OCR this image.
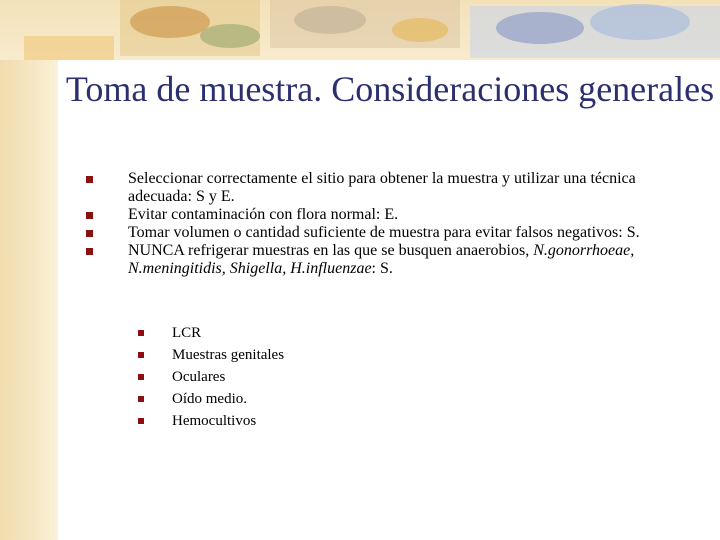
Toma de muestra. Consideraciones generales
Seleccionar correctamente el sitio para obtener la muestra y utilizar una técnica adecuada: S y E.
Evitar contaminación con flora normal: E.
Tomar volumen o cantidad suficiente de muestra para evitar falsos negativos: S.
NUNCA refrigerar muestras en las que se busquen anaerobios, N.gonorrhoeae, N.meningitidis, Shigella, H.influenzae: S.
LCR
Muestras genitales
Oculares
Oído medio.
Hemocultivos
